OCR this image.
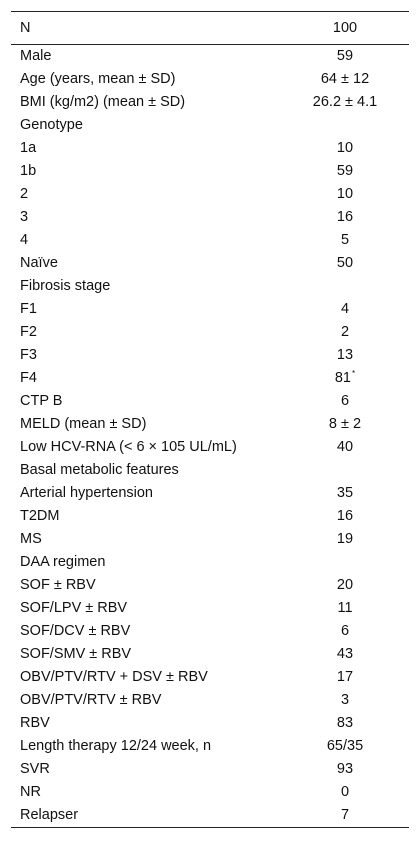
N	100
Male	59
Age (years, mean ± SD)	64 ± 12
BMI (kg/m2) (mean ± SD)	26.2 ± 4.1
Genotype	
1a	10
1b	59
2	10
3	16
4	5
Naïve	50
Fibrosis stage	
F1	4
F2	2
F3	13
F4	81*
CTP B	6
MELD (mean ± SD)	8 ± 2
Low HCV-RNA (< 6 × 105 UL/mL)	40
Basal metabolic features	
Arterial hypertension	35
T2DM	16
MS	19
DAA regimen	
SOF ± RBV	20
SOF/LPV ± RBV	11
SOF/DCV ± RBV	6
SOF/SMV ± RBV	43
OBV/PTV/RTV + DSV ± RBV	17
OBV/PTV/RTV ± RBV	3
RBV	83
Length therapy 12/24 week, n	65/35
SVR	93
NR	0
Relapser	7
